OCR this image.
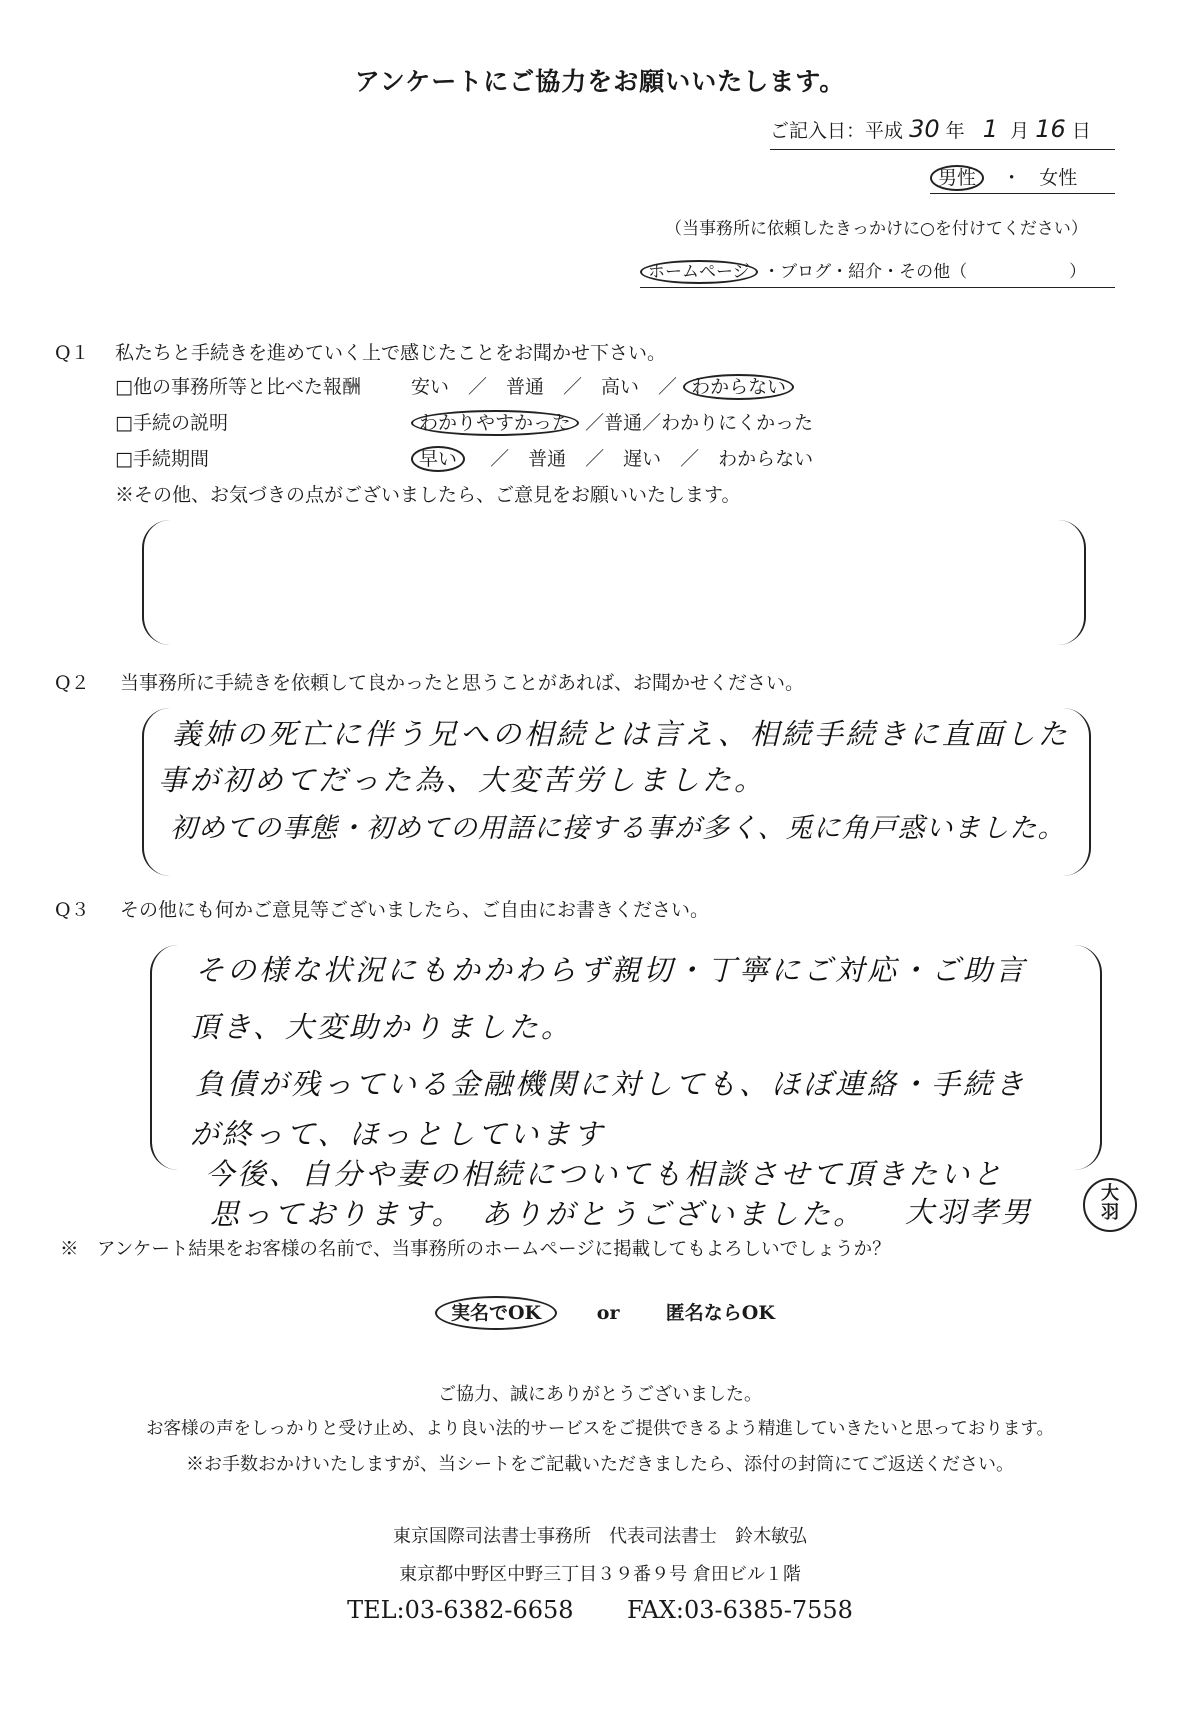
アンケートにご協力をお願いいたします。
ご記入日：平成 30 年 1 月 16 日
男性 ・ 女性
（当事務所に依頼したきっかけに○を付けてください）
ホームページ ・ブログ・紹介・その他（　　　　　　）
Q１ 私たちと手続きを進めていく上で感じたことをお聞かせ下さい。
□他の事務所等と比べた報酬	安い　／　普通　／　高い　／ わからない
□手続の説明	わかりやすかった ／普通／わかりにくかった
□手続期間	早い 　／　普通　／　遅い　／　わからない
※その他、お気づきの点がございましたら、ご意見をお願いいたします。
Q２ 当事務所に手続きを依頼して良かったと思うことがあれば、お聞かせください。
義姉の死亡に伴う兄への相続とは言え、相続手続きに直面した
事が初めてだった為、大変苦労しました。
初めての事態・初めての用語に接する事が多く、兎に角戸惑いました。
Q３ その他にも何かご意見等ございましたら、ご自由にお書きください。
その様な状況にもかかわらず親切・丁寧にご対応・ご助言
頂き、大変助かりました。
負債が残っている金融機関に対しても、ほぼ連絡・手続き
が終って、ほっとしています
今後、自分や妻の相続についても相談させて頂きたいと
思っております。　ありがとうございました。 大羽孝男
大
羽
※　アンケート結果をお客様の名前で、当事務所のホームページに掲載してもよろしいでしょうか？
実名でOK	or 匿名ならOK
ご協力、誠にありがとうございました。
お客様の声をしっかりと受け止め、より良い法的サービスをご提供できるよう精進していきたいと思っております。
※お手数おかけいたしますが、当シートをご記載いただきましたら、添付の封筒にてご返送ください。
東京国際司法書士事務所　代表司法書士　鈴木敏弘
東京都中野区中野三丁目３９番９号 倉田ビル１階
TEL:03-6382-6658 FAX:03-6385-7558
